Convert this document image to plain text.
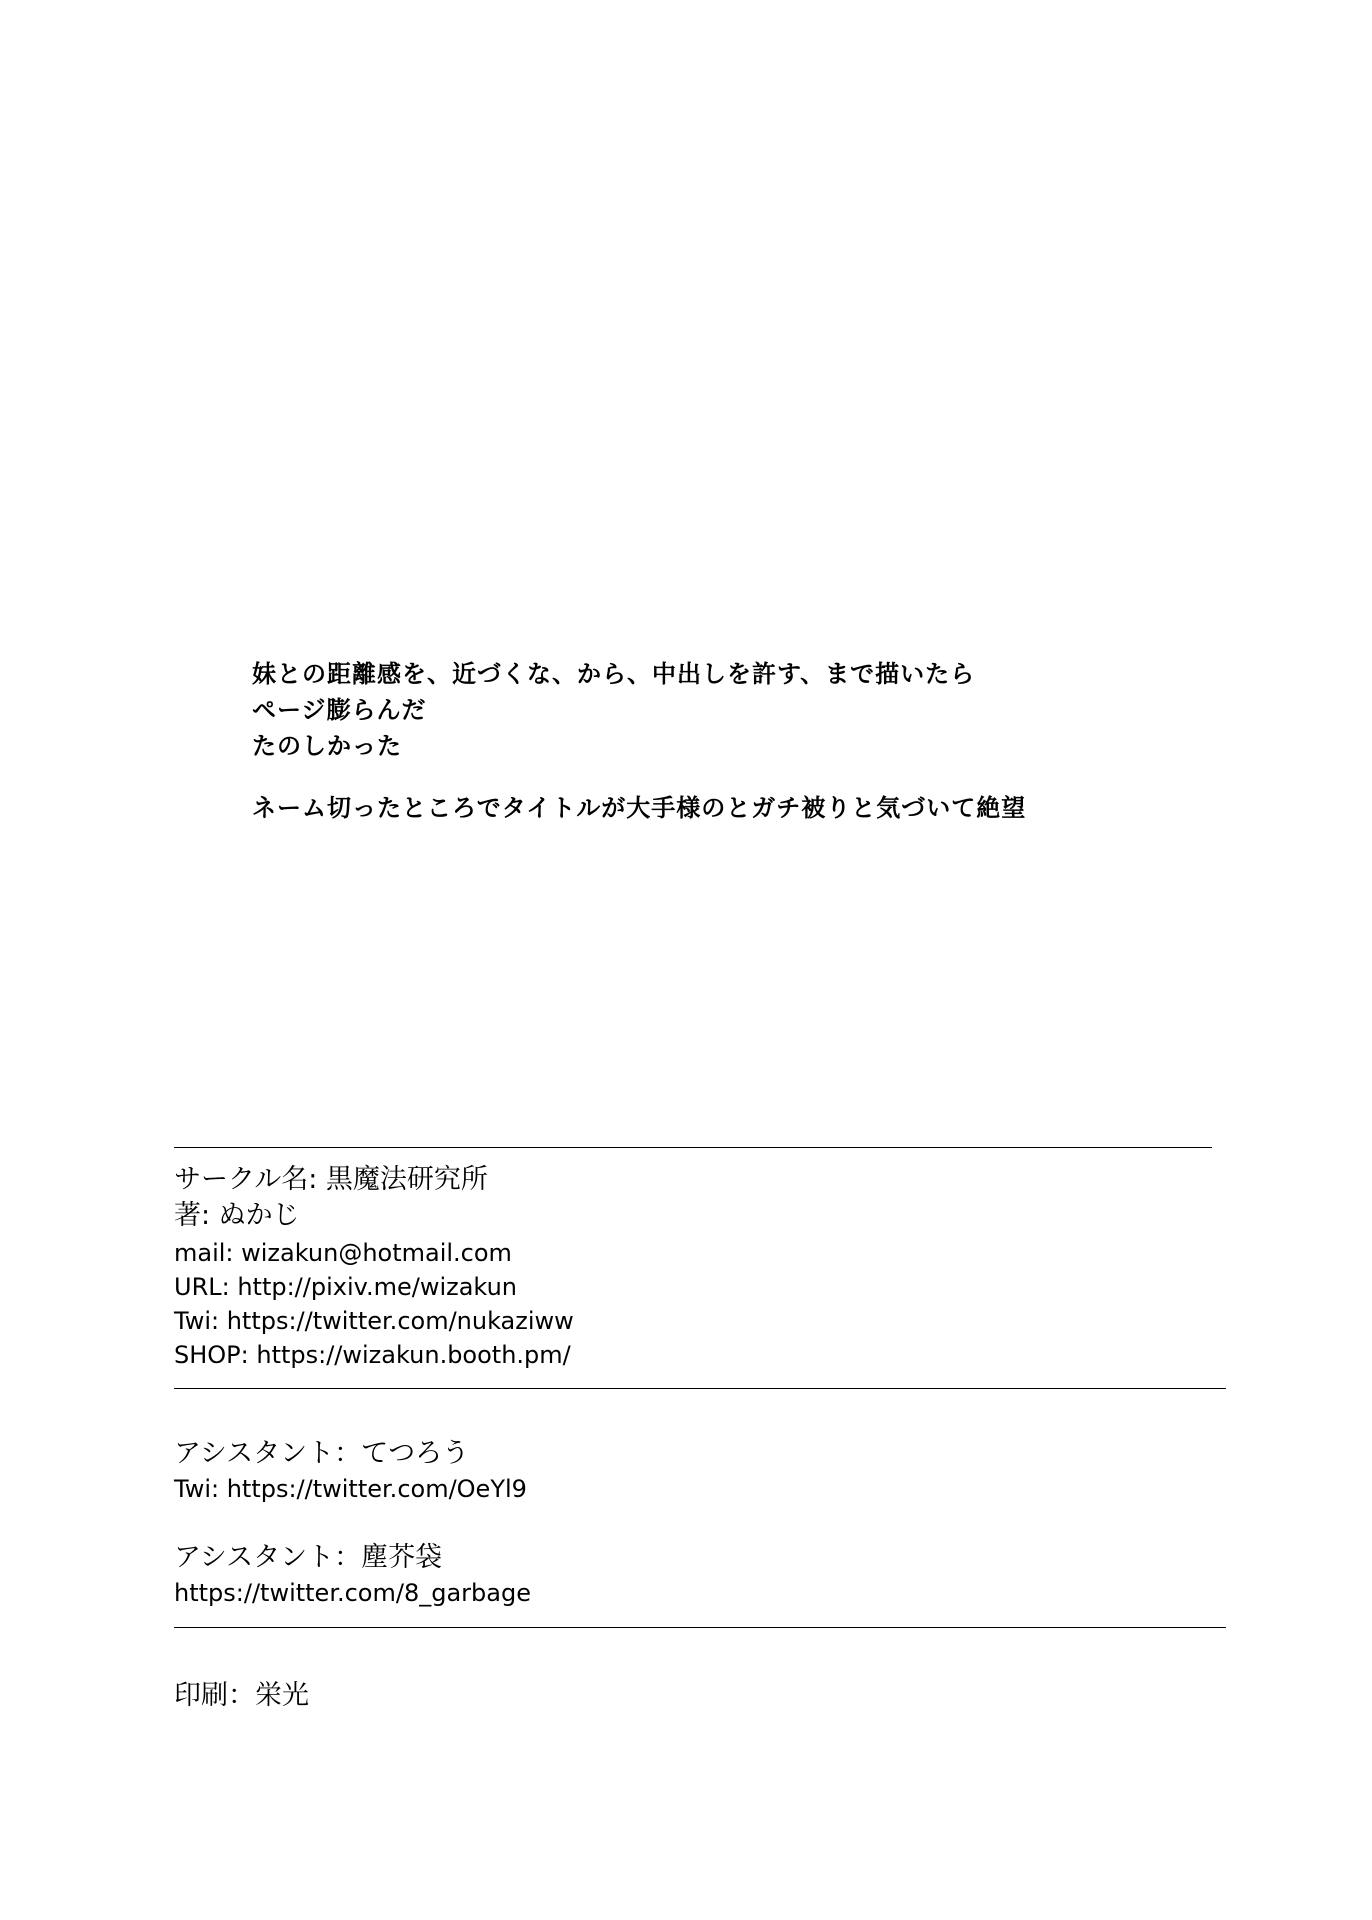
妹との距離感を、近づくな、から、中出しを許す、まで描いたら
ページ膨らんだ
たのしかった
ネーム切ったところでタイトルが大手様のとガチ被りと気づいて絶望
サークル名: 黒魔法研究所
著: ぬかじ
mail: wizakun@hotmail.com
URL: http://pixiv.me/wizakun
Twi: https://twitter.com/nukaziww
SHOP: https://wizakun.booth.pm/
アシスタント：てつろう
Twi: https://twitter.com/OeYl9
アシスタント：塵芥袋
https://twitter.com/8_garbage
印刷：栄光
